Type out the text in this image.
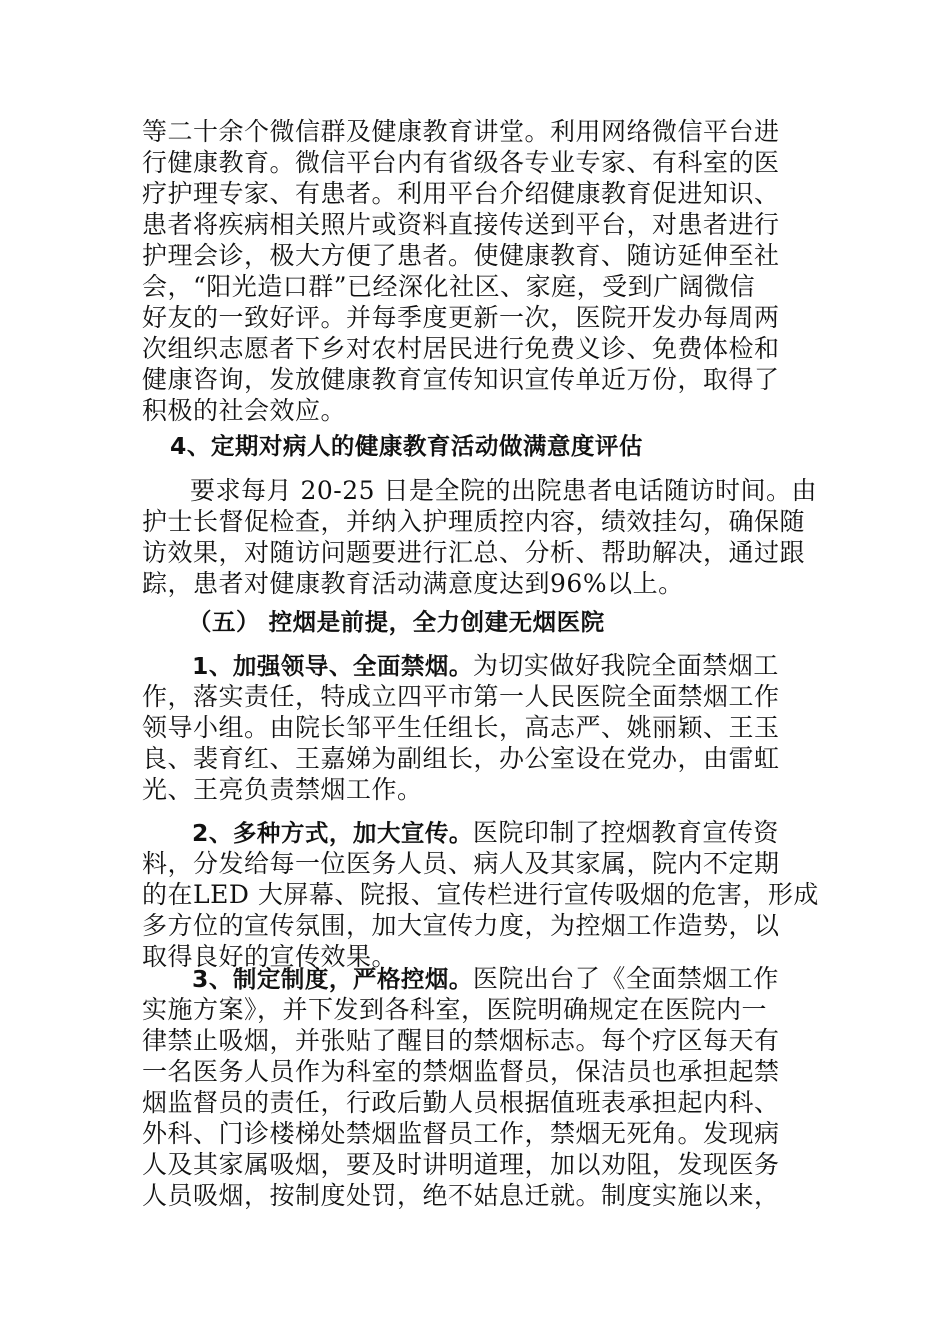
等二十余个微信群及健康教育讲堂。利用网络微信平台进
行健康教育。微信平台内有省级各专业专家、有科室的医
疗护理专家、有患者。利用平台介绍健康教育促进知识、
患者将疾病相关照片或资料直接传送到平台，对患者进行
护理会诊，极大方便了患者。使健康教育、随访延伸至社
会，“阳光造口群”已经深化社区、家庭，受到广阔微信
好友的一致好评。并每季度更新一次，医院开发办每周两
次组织志愿者下乡对农村居民进行免费义诊、免费体检和
健康咨询，发放健康教育宣传知识宣传单近万份，取得了
积极的社会效应。
4、定期对病人的健康教育活动做满意度评估
要求每月 20-25 日是全院的出院患者电话随访时间。由
护士长督促检查，并纳入护理质控内容，绩效挂勾，确保随
访效果，对随访问题要进行汇总、分析、帮助解决，通过跟
踪，患者对健康教育活动满意度达到96%以上。
（五） 控烟是前提，全力创建无烟医院
1、加强领导、全面禁烟。为切实做好我院全面禁烟工
作，落实责任，特成立四平市第一人民医院全面禁烟工作
领导小组。由院长邹平生任组长，高志严、姚丽颖、王玉
良、裴育红、王嘉娣为副组长，办公室设在党办，由雷虹
光、王亮负责禁烟工作。
2、多种方式，加大宣传。医院印制了控烟教育宣传资
料，分发给每一位医务人员、病人及其家属，院内不定期
的在LED 大屏幕、院报、宣传栏进行宣传吸烟的危害，形成
多方位的宣传氛围，加大宣传力度，为控烟工作造势，以
取得良好的宣传效果。
3、制定制度，严格控烟。医院出台了《全面禁烟工作
实施方案》，并下发到各科室，医院明确规定在医院内一
律禁止吸烟，并张贴了醒目的禁烟标志。每个疗区每天有
一名医务人员作为科室的禁烟监督员，保洁员也承担起禁
烟监督员的责任，行政后勤人员根据值班表承担起内科、
外科、门诊楼梯处禁烟监督员工作，禁烟无死角。发现病
人及其家属吸烟，要及时讲明道理，加以劝阻，发现医务
人员吸烟，按制度处罚，绝不姑息迁就。制度实施以来，
